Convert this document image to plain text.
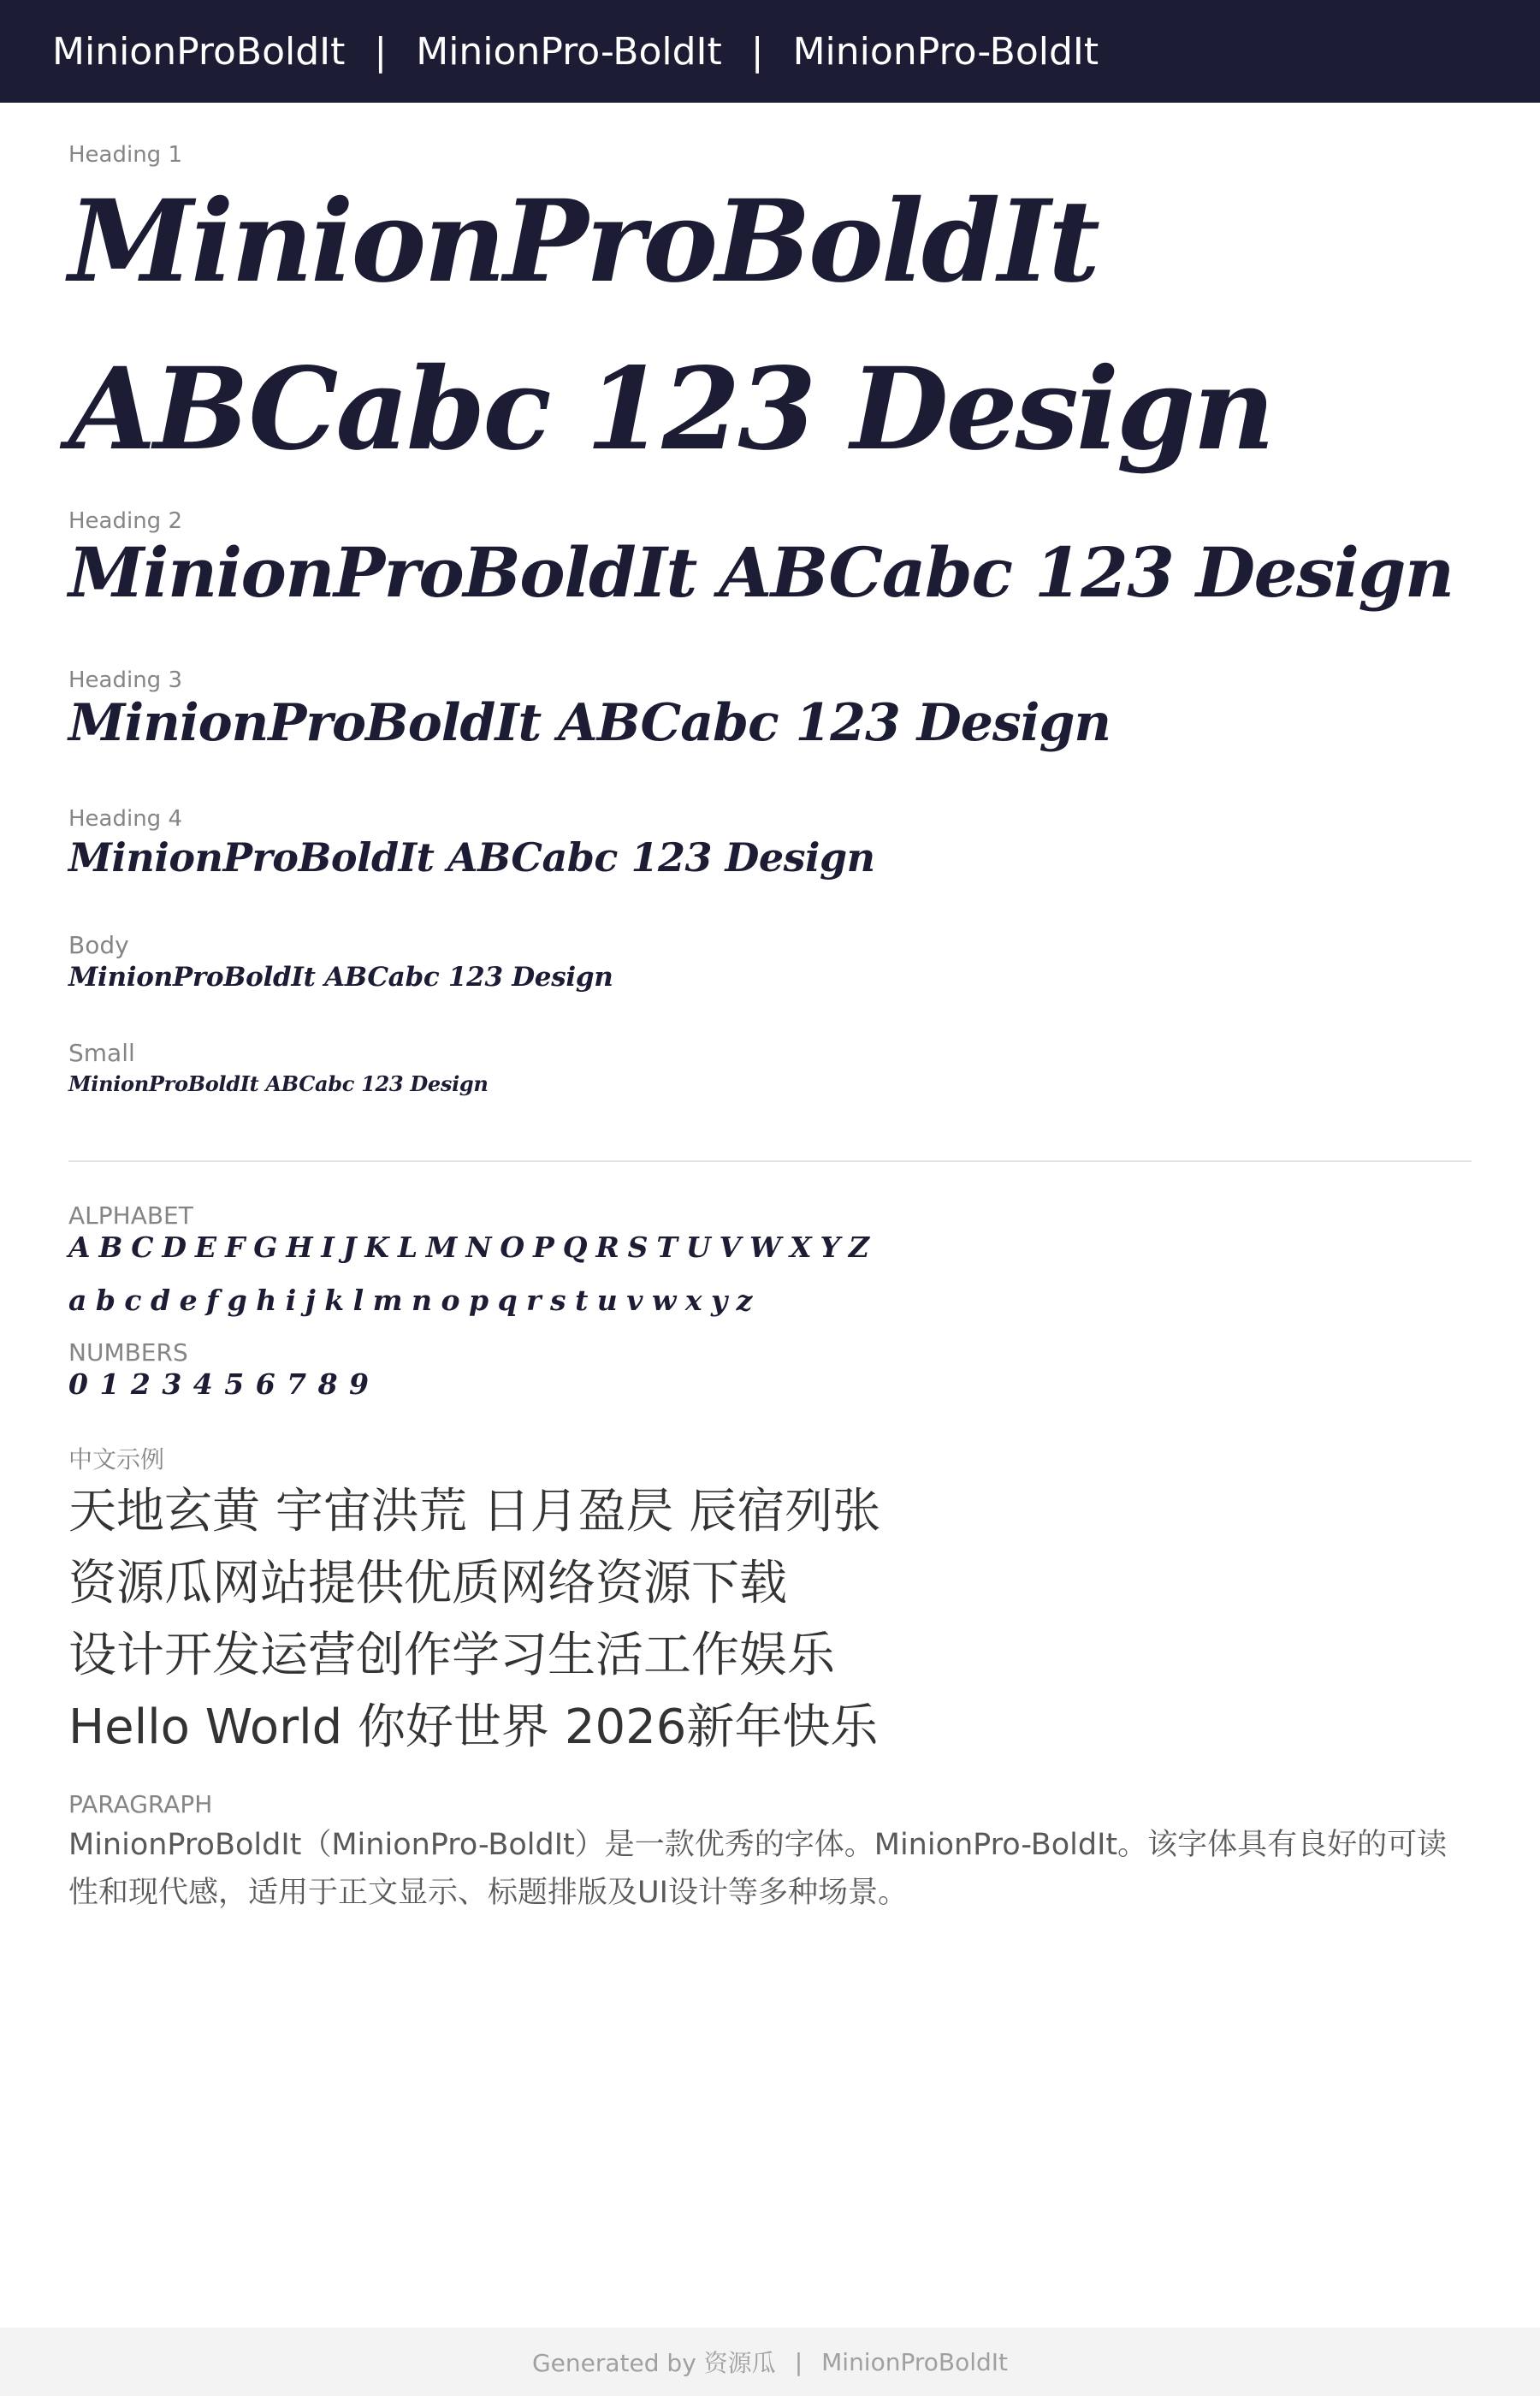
MinionProBoldIt | MinionPro-BoldIt | MinionPro-BoldIt
Heading 1
MinionProBoldIt ABCabc 123 Design
Heading 2
MinionProBoldIt ABCabc 123 Design
Heading 3
MinionProBoldIt ABCabc 123 Design
Heading 4
MinionProBoldIt ABCabc 123 Design
Body
MinionProBoldIt ABCabc 123 Design
Small
MinionProBoldIt ABCabc 123 Design
ALPHABET
A B C D E F G H I J K L M N O P Q R S T U V W X Y Z
a b c d e f g h i j k l m n o p q r s t u v w x y z
NUMBERS
0 1 2 3 4 5 6 7 8 9
中文示例
天地玄黄 宇宙洪荒 日月盈昃 辰宿列张
资源瓜网站提供优质网络资源下载
设计开发运营创作学习生活工作娱乐
Hello World 你好世界 2026新年快乐
PARAGRAPH
MinionProBoldIt（MinionPro-BoldIt）是一款优秀的字体。MinionPro-BoldIt。该字体具有良好的可读性和现代感，适用于正文显示、标题排版及UI设计等多种场景。
Generated by 资源瓜 | MinionProBoldIt
